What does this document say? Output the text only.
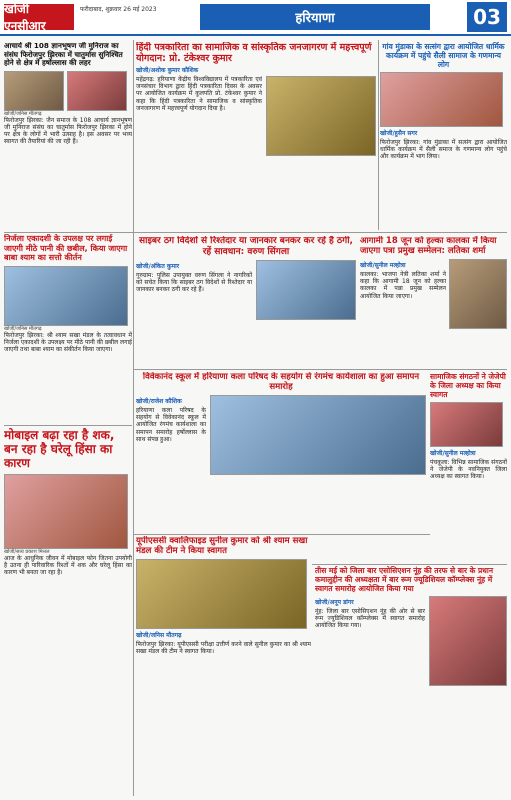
खोजी एनसीआर
फरीदाबाद, शुक्रवार 26 मई 2023
हरियाणा	03
आचार्य श्री 108 ज्ञानभूषण जी मुनिराज का संसंघ फिरोजपुर झिरका में चातुर्मास सुनिश्चित होने से क्षेत्र में हर्षोल्लास की लहर
खोजी/जनिस मौतगढ़
फिरोजपुर झिरका: जैन समाज के 108 आचार्य ज्ञानभूषण जी मुनिराज संसंघ का चातुर्मास फिरोजपुर झिरका में होने पर क्षेत्र के लोगों में भारी उत्साह है। इस अवसर पर भव्य स्वागत की तैयारियां की जा रही हैं।
निर्जला एकादशी के उपलक्ष पर लगाई जाएगी मीठे पानी की छबील, किया जाएगा बाबा श्याम का सत्तो कीर्तन
खोजी/जनिस मौतगढ़
फिरोजपुर झिरका: श्री श्याम सखा मंडल के तत्वावधान में निर्जला एकादशी के उपलक्ष्य पर मीठे पानी की छबील लगाई जाएगी तथा बाबा श्याम का संकीर्तन किया जाएगा।
हिंदी पत्रकारिता का सामाजिक व सांस्कृतिक जनजागरण में महत्त्वपूर्ण योगदान: प्रो. टंकेश्वर कुमार
खोजी/अशोक कुमार कौशिक
महेंद्रगढ़: हरियाणा केंद्रीय विश्वविद्यालय में पत्रकारिता एवं जनसंचार विभाग द्वारा हिंदी पत्रकारिता दिवस के अवसर पर आयोजित कार्यक्रम में कुलपति प्रो. टंकेश्वर कुमार ने कहा कि हिंदी पत्रकारिता ने सामाजिक व सांस्कृतिक जनजागरण में महत्त्वपूर्ण योगदान दिया है।
गांव मुंडाका के सत्संग द्वारा आयोजित धार्मिक कार्यक्रम में पहुंचे सैली सामाज के गणमान्य लोग
खोजी/हुसैन सगर
फिरोजपुर झिरका: गांव मुंडाका में सत्संग द्वारा आयोजित धार्मिक कार्यक्रम में सैली समाज के गणमान्य लोग पहुंचे और कार्यक्रम में भाग लिया।
साइबर ठग विदेशों से रिश्तेदार या जानकार बनकर कर रहें हैं ठगी, रहें सावधान: वरुण सिंगला
खोजी/अंकित कुमार
गुरुग्राम: पुलिस उपायुक्त वरुण सिंगला ने नागरिकों को सचेत किया कि साइबर ठग विदेशों से रिश्तेदार या जानकार बनकर ठगी कर रहे हैं।
आगामी 18 जून को हल्का कालका में किया जाएगा पत्रा प्रमुख सम्मेलन: लतिका शर्मा
खोजी/सुनील मल्होत्रा
कालका: भाजपा नेत्री लतिका शर्मा ने कहा कि आगामी 18 जून को हल्का कालका में पन्ना प्रमुख सम्मेलन आयोजित किया जाएगा।
विवेकानंद स्कूल में हरियाणा कला परिषद के सहयोग से रंगमंच कार्यशाला का हुआ समापन समारोह
खोजी/राजेश कौशिक
हरियाणा कला परिषद के सहयोग से विवेकानंद स्कूल में आयोजित रंगमंच कार्यशाला का समापन समारोह हर्षोल्लास के साथ संपन्न हुआ।
मोबाइल बढ़ा रहा है शक, बन रहा है घरेलू हिंसा का कारण
खोजी/सत्य प्रकाश मित्तल
आज के आधुनिक जीवन में मोबाइल फोन जितना उपयोगी है उतना ही पारिवारिक रिश्तों में शक और घरेलू हिंसा का कारण भी बनता जा रहा है।
सामाजिक संगठनों ने जेजेपी के जिला अध्यक्ष का किया स्वागत
खोजी/सुनील मल्होत्रा
पंचकूला: विभिन्न सामाजिक संगठनों ने जेजेपी के नवनियुक्त जिला अध्यक्ष का स्वागत किया।
यूपीएससी क्वालिफाइड सुनील कुमार को श्री श्याम सखा मंडल की टीम ने किया स्वागत
खोजी/जनिस मौतगढ़
फिरोजपुर झिरका: यूपीएससी परीक्षा उत्तीर्ण करने वाले सुनील कुमार का श्री श्याम सखा मंडल की टीम ने स्वागत किया।
तीस मई को जिला बार एसोसिएशन नूंह की तरफ से बार के प्रधान कमालुद्दीन की अध्यक्षता में बार रूम ज्यूडिशियल कॉम्प्लेक्स नूंह में स्वागत समारोह आयोजित किया गया
खोजी/अनूप डांगर
नूंह: जिला बार एसोसिएशन नूंह की ओर से बार रूम ज्यूडिशियल कॉम्प्लेक्स में स्वागत समारोह आयोजित किया गया।
